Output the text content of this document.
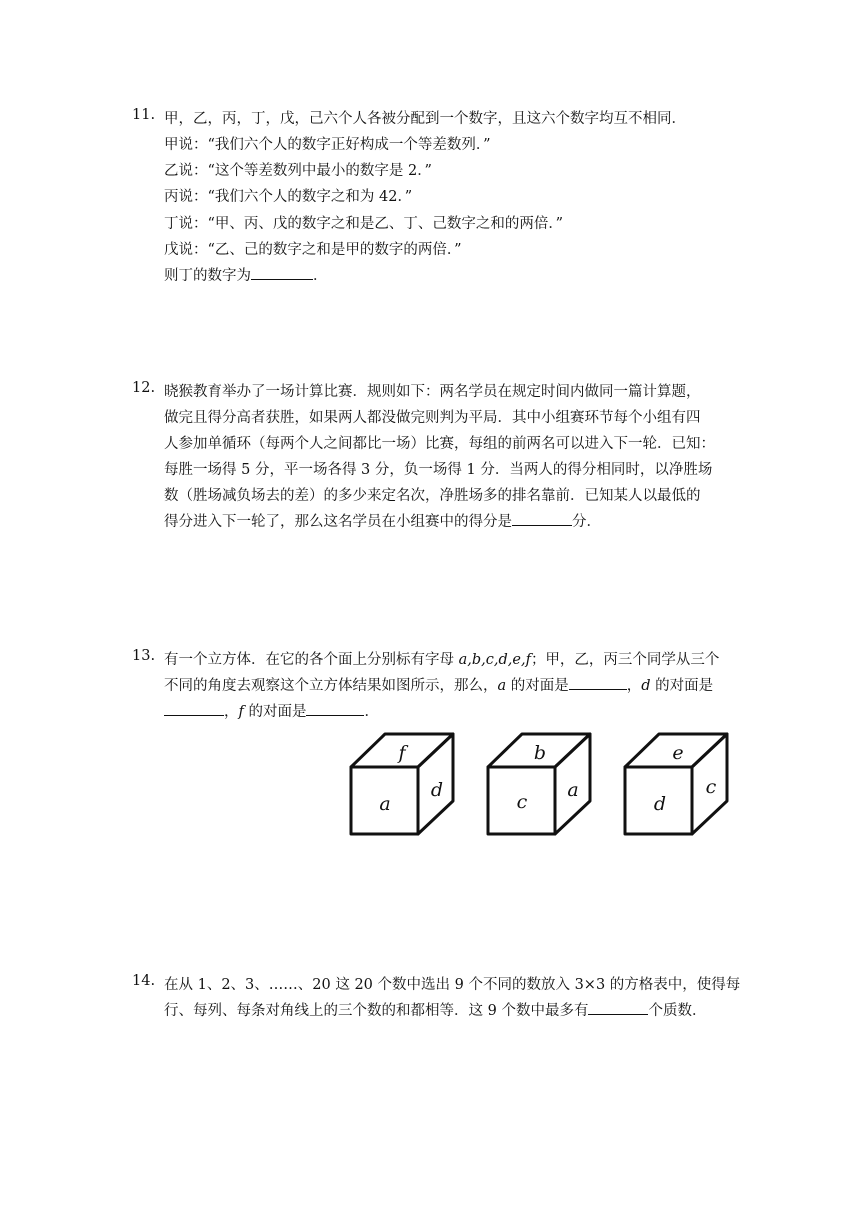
11. 甲，乙，丙，丁，戊，己六个人各被分配到一个数字，且这六个数字均互不相同．
甲说：“我们六个人的数字正好构成一个等差数列．”
乙说：“这个等差数列中最小的数字是 2．”
丙说：“我们六个人的数字之和为 42．”
丁说：“甲、丙、戊的数字之和是乙、丁、己数字之和的两倍．”
戊说：“乙、己的数字之和是甲的数字的两倍．”
则丁的数字为	．
12. 晓猴教育举办了一场计算比赛．规则如下：两名学员在规定时间内做同一篇计算题，
做完且得分高者获胜，如果两人都没做完则判为平局．其中小组赛环节每个小组有四
人参加单循环（每两个人之间都比一场）比赛，每组的前两名可以进入下一轮．已知：
每胜一场得 5 分，平一场各得 3 分，负一场得 1 分．当两人的得分相同时，以净胜场
数（胜场减负场去的差）的多少来定名次，净胜场多的排名靠前．已知某人以最低的
得分进入下一轮了，那么这名学员在小组赛中的得分是	分．
13. 有一个立方体．在它的各个面上分别标有字母 a,b,c,d,e,f；甲，乙，丙三个同学从三个
不同的角度去观察这个立方体结果如图所示，那么，a 的对面是	，d 的对面是
，f 的对面是	．
f
a
d
b
c
a
e
d
c
14. 在从 1、2、3、……、20 这 20 个数中选出 9 个不同的数放入 3×3 的方格表中，使得每
行、每列、每条对角线上的三个数的和都相等．这 9 个数中最多有	个质数．
